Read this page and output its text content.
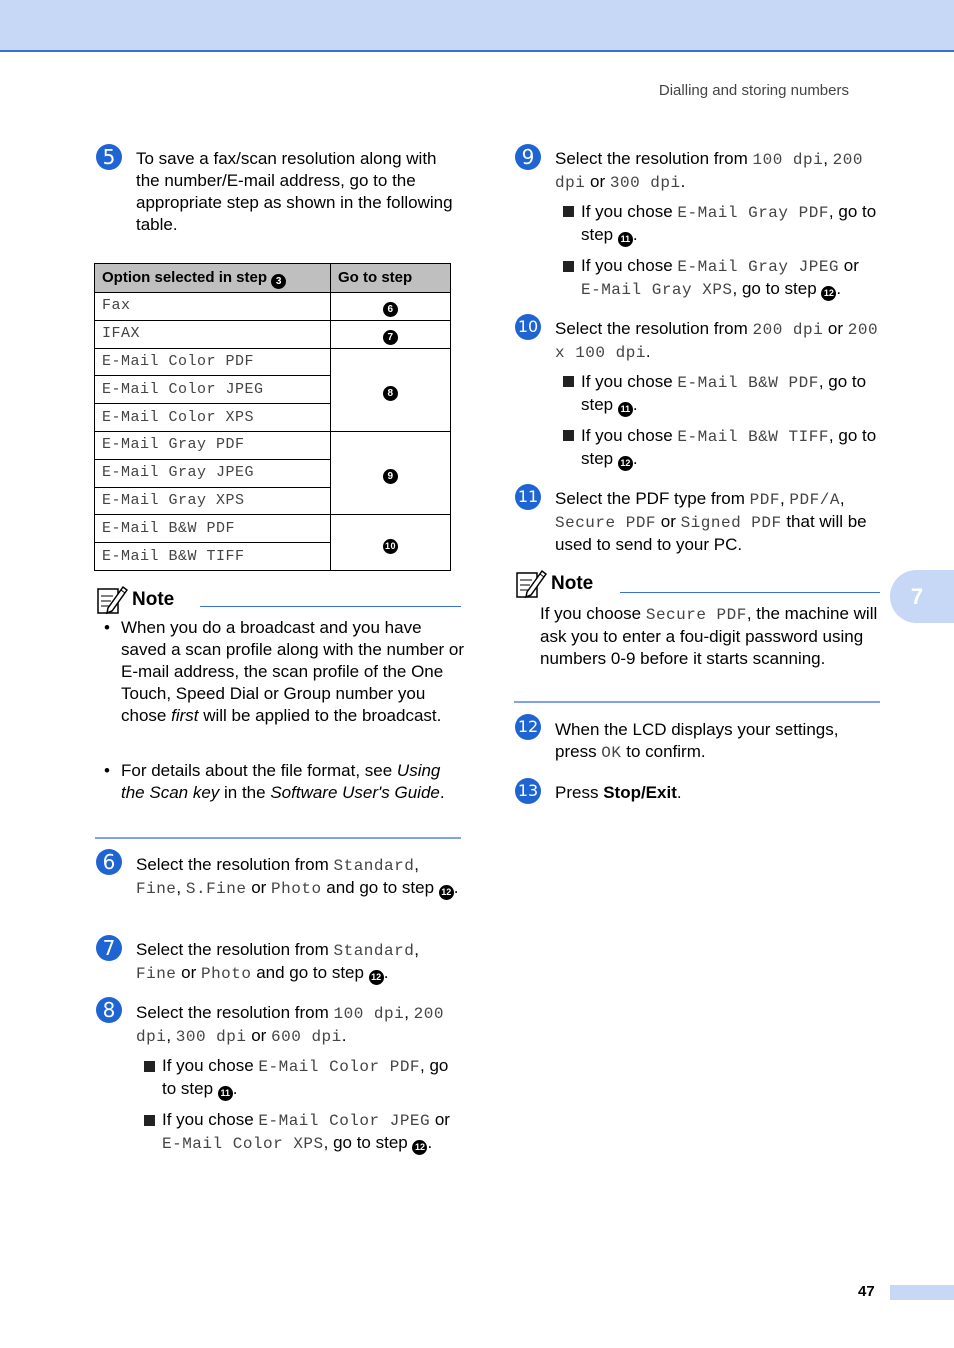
Dialling and storing numbers
7
47
5	To save a fax/scan resolution along with the number/E-mail address, go to the appropriate step as shown in the following table.
Option selected in step 3	Go to step
Fax	6
IFAX	7
E-Mail Color PDF	8
E-Mail Color JPEG	
E-Mail Color XPS	
E-Mail Gray PDF	9
E-Mail Gray JPEG	
E-Mail Gray XPS	
E-Mail B&W PDF	10
E-Mail B&W TIFF	
Note
• When you do a broadcast and you have saved a scan profile along with the number or E-mail address, the scan profile of the One Touch, Speed Dial or Group number you chose first will be applied to the broadcast.
• For details about the file format, see Using the Scan key in the Software User's Guide.
6	Select the resolution from Standard, Fine, S.Fine or Photo and go to step 12 .
7	Select the resolution from Standard, Fine or Photo and go to step 12 .
8	Select the resolution from 100 dpi, 200 dpi, 300 dpi or 600 dpi.
If you chose E-Mail Color PDF, go to step 11 .
If you chose E-Mail Color JPEG or E-Mail Color XPS, go to step 12 .
9	Select the resolution from 100 dpi, 200 dpi or 300 dpi.
If you chose E-Mail Gray PDF, go to step 11 .
If you chose E-Mail Gray JPEG or E-Mail Gray XPS, go to step 12 .
10 Select the resolution from 200 dpi or 200 x 100 dpi.
If you chose E-Mail B&W PDF, go to step 11 .
If you chose E-Mail B&W TIFF, go to step 12 .
11 Select the PDF type from PDF, PDF/A, Secure PDF or Signed PDF that will be used to send to your PC.
Note
If you choose Secure PDF, the machine will ask you to enter a fou-digit password using numbers 0-9 before it starts scanning.
12 When the LCD displays your settings, press OK to confirm.
13 Press Stop/Exit.
